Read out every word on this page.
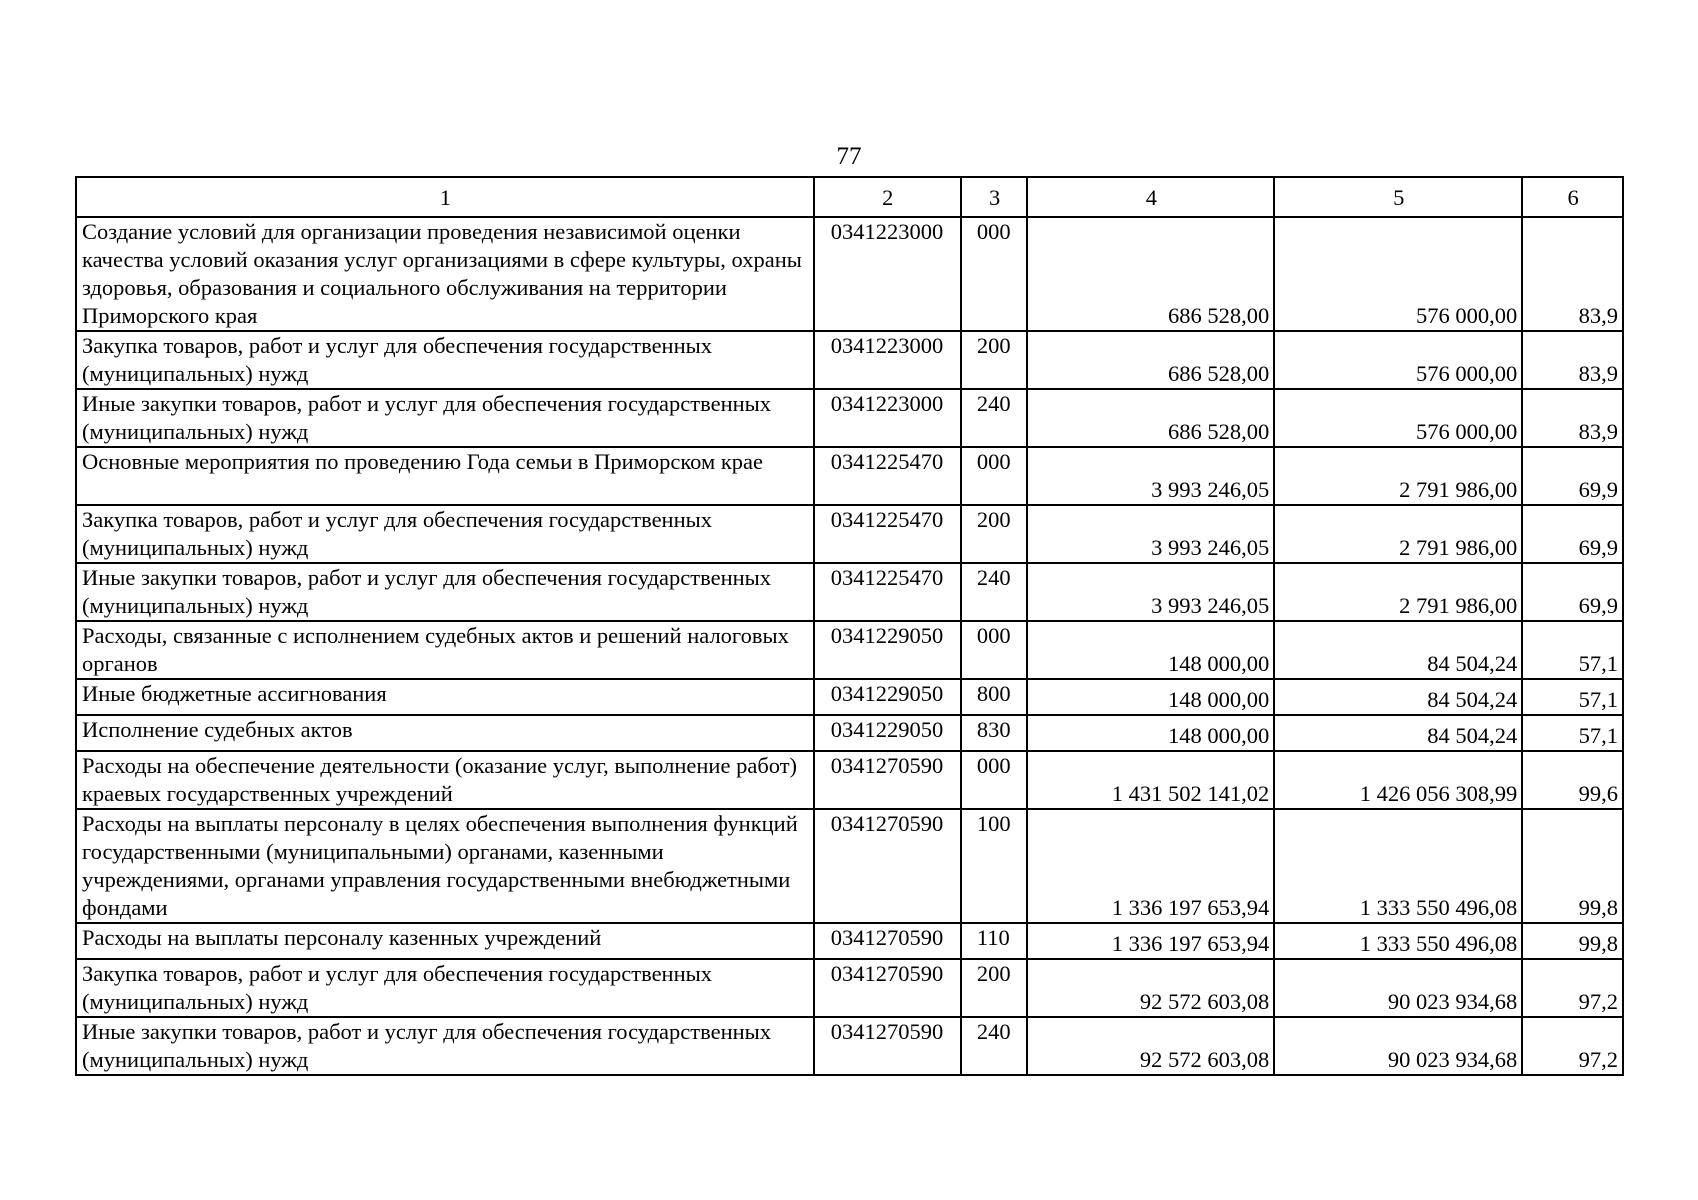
77
1	2	3	4	5	6
Создание условий для организации проведения независимой оценки качества условий оказания услуг организациями в сфере культуры, охраны здоровья, образования и социального обслуживания на территории Приморского края	0341223000	000	686 528,00	576 000,00	83,9
Закупка товаров, работ и услуг для обеспечения государственных (муниципальных) нужд	0341223000	200	686 528,00	576 000,00	83,9
Иные закупки товаров, работ и услуг для обеспечения государственных (муниципальных) нужд	0341223000	240	686 528,00	576 000,00	83,9
Основные мероприятия по проведению Года семьи в Приморском крае	0341225470	000	3 993 246,05	2 791 986,00	69,9
Закупка товаров, работ и услуг для обеспечения государственных (муниципальных) нужд	0341225470	200	3 993 246,05	2 791 986,00	69,9
Иные закупки товаров, работ и услуг для обеспечения государственных (муниципальных) нужд	0341225470	240	3 993 246,05	2 791 986,00	69,9
Расходы, связанные с исполнением судебных актов и решений налоговых органов	0341229050	000	148 000,00	84 504,24	57,1
Иные бюджетные ассигнования	0341229050	800	148 000,00	84 504,24	57,1
Исполнение судебных актов	0341229050	830	148 000,00	84 504,24	57,1
Расходы на обеспечение деятельности (оказание услуг, выполнение работ) краевых государственных учреждений	0341270590	000	1 431 502 141,02	1 426 056 308,99	99,6
Расходы на выплаты персоналу в целях обеспечения выполнения функций государственными (муниципальными) органами, казенными учреждениями, органами управления государственными внебюджетными фондами	0341270590	100	1 336 197 653,94	1 333 550 496,08	99,8
Расходы на выплаты персоналу казенных учреждений	0341270590	110	1 336 197 653,94	1 333 550 496,08	99,8
Закупка товаров, работ и услуг для обеспечения государственных (муниципальных) нужд	0341270590	200	92 572 603,08	90 023 934,68	97,2
Иные закупки товаров, работ и услуг для обеспечения государственных (муниципальных) нужд	0341270590	240	92 572 603,08	90 023 934,68	97,2
